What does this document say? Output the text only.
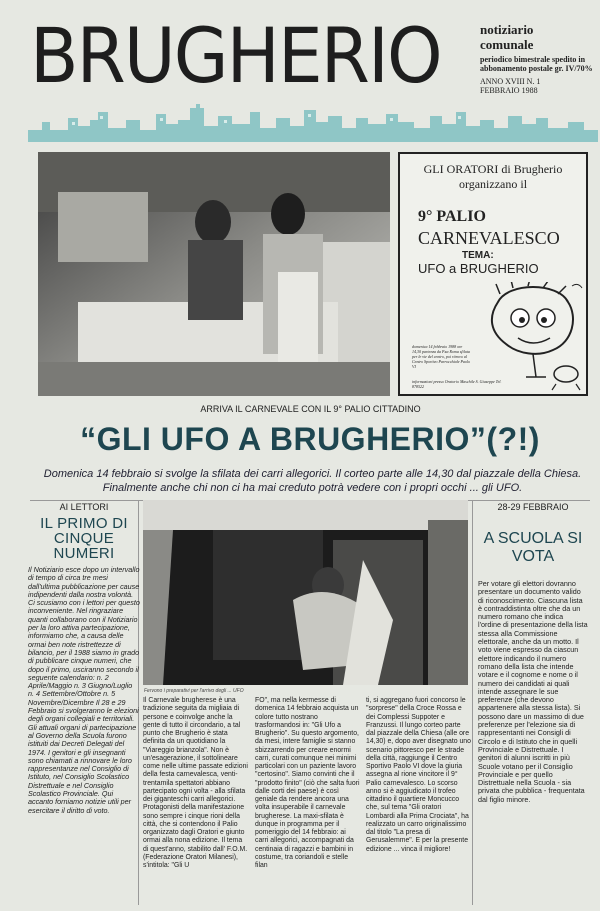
BRUGHERIO	notiziario
comunale
periodico bimestrale spedito in abbonamento postale gr. IV/70%
ANNO XVIII N. 1
FEBBRAIO 1988
GLI ORATORI di Brugherio
organizzano il
9° PALIO
CARNEVALESCO
TEMA:
UFO a BRUGHERIO
domenica 14 febbraio 1988 ore 14,30 partenza da P.za Roma sfilata per le vie del centro, poi ritrovo al Centro Sportivo Parrocchiale Paolo VI
informazioni presso Oratorio Maschile S. Giuseppe Tel. 878522
ARRIVA IL CARNEVALE CON IL 9° PALIO CITTADINO
“GLI UFO A BRUGHERIO”(?!)
Domenica 14 febbraio si svolge la sfilata dei carri allegorici. Il corteo parte alle 14,30 dal piazzale della Chiesa.
Finalmente anche chi non ci ha mai creduto potrà vedere con i propri occhi ... gli UFO.
AI LETTORI
IL PRIMO DI CINQUE NUMERI
Il Notiziario esce dopo un intervallo di tempo di circa tre mesi dall'ultima pubblicazione per cause indipendenti dalla nostra volontà. Ci scusiamo con i lettori per questo inconveniente. Nel ringraziare quanti collaborano con il Notiziario per la loro attiva partecipazione, informiamo che, a causa delle ormai ben note ristrettezze di bilancio, per il 1988 siamo in grado di pubblicare cinque numeri, che dopo il primo, usciranno secondo il seguente calendario: n. 2 Aprile/Maggio n. 3 Giugno/Luglio n. 4 Settembre/Ottobre n. 5 Novembre/Dicembre Il 28 e 29 Febbraio si svolgeranno le elezioni degli organi collegiali e territoriali. Gli attuali organi di partecipazione al Governo della Scuola furono istituiti dai Decreti Delegati del 1974. I genitori e gli insegnanti sono chiamati a rinnovare le loro rappresentanze nel Consiglio di Istituto, nel Consiglio Scolastico Distrettuale e nel Consiglio Scolastico Provinciale. Qui accanto forniamo notizie utili per esercitare il diritto di voto.
Fervono i preparativi per l'arrivo degli ... UFO
Il Carnevale brugherese è una tradizione seguita da migliaia di persone e coinvolge anche la gente di tutto il circondario, a tal punto che Brugherio è stata definita da un quotidiano la "Viareggio brianzola". Non è un'esagerazione, il sottolineare come nelle ultime passate edizioni della festa carnevalesca, venti-trentamila spettatori abbiano partecipato ogni volta - alla sfilata dei giganteschi carri allegorici. Protagonisti della manifestazione sono sempre i cinque rioni della città, che si contendono il Palio organizzato dagli Oratori e giunto ormai alla nona edizione. Il tema di quest'anno, stabilito dall' F.O.M. (Federazione Oratori Milanesi), s'intitola: "Gli U
FO", ma nella kermesse di domenica 14 febbraio acquista un colore tutto nostrano trasformandosi in: "Gli Ufo a Brugherio". Su questo argomento, da mesi, intere famiglie si stanno sbizzarrendo per creare enormi carri, curati comunque nei minimi particolari con un paziente lavoro "certosino". Siamo convinti che il "prodotto finito" (ciò che salta fuori dalle corti dei paese) è così geniale da rendere ancora una volta insuperabile il carnevale brugherese. La maxi-sfilata è dunque in programma per il pomeriggio del 14 febbraio: ai carri allegorici, accompagnati da centinaia di ragazzi e bambini in costume, tra coriandoli e stelle filan
ti, si aggregano fuori concorso le "sorprese" della Croce Rossa e dei Complessi Suppoter e Franzussi. Il lungo corteo parte dal piazzale della Chiesa (alle ore 14,30) e, dopo aver disegnato uno scenario pittoresco per le strade della città, raggiunge il Centro Sportivo Paolo VI dove la giuria assegna al rione vincitore il 9° Palio carnevalesco. Lo scorso anno si è aggiudicato il trofeo cittadino il quartiere Moncucco che, sul tema "Gli oratori Lombardi alla Prima Crociata", ha realizzato un carro originalissimo dal titolo "La presa di Gerusalemme". E per la presente edizione ... vinca il migliore!
28-29 FEBBRAIO
A SCUOLA SI VOTA
Per votare gli elettori dovranno presentare un documento valido di riconoscimento. Ciascuna lista è contraddistinta oltre che da un numero romano che indica l'ordine di presentazione della lista stessa alla Commissione elettorale, anche da un motto. Il voto viene espresso da ciascun elettore indicando il numero romano della lista che intende votare e il cognome e nome o il numero dei candidati ai quali intende assegnare le sue preferenze (che devono appartenere alla stessa lista). Si possono dare un massimo di due preferenze per l'elezione sia di rappresentanti nei Consigli di Circolo e di Istituto che in quelli Provinciale e Distrettuale. I genitori di alunni iscritti in più Scuole votano per il Consiglio Provinciale e per quello Distrettuale nella Scuola - sia privata che pubblica - frequentata dal figlio minore.
